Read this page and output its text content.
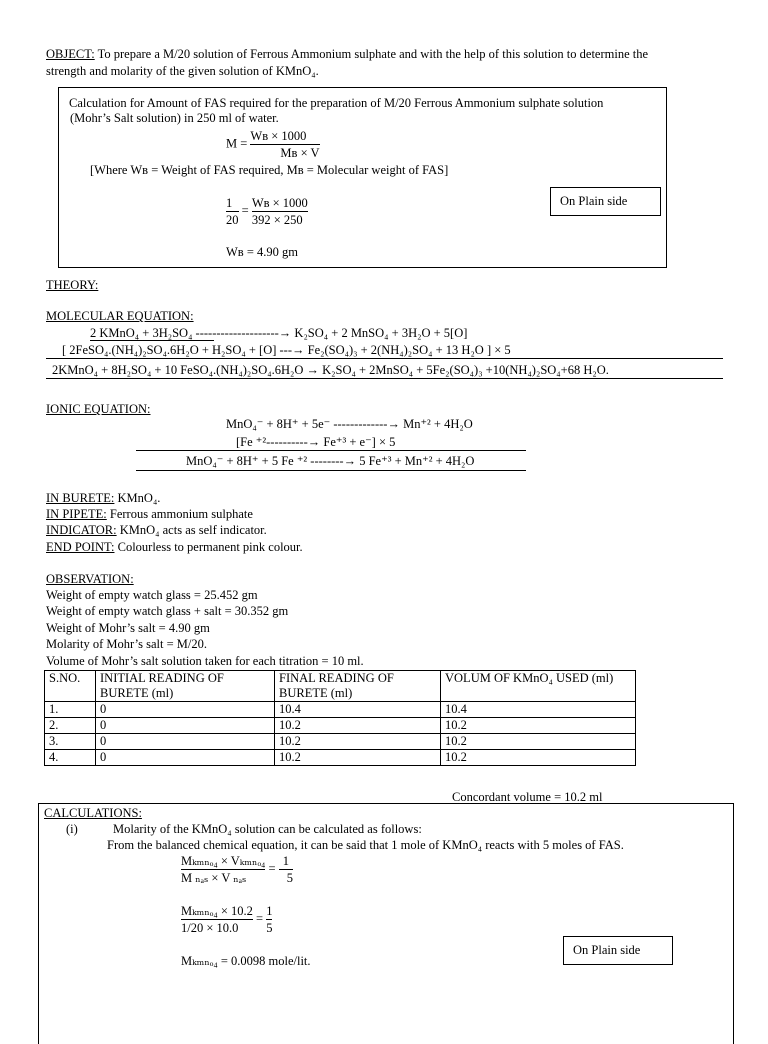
OBJECT: To prepare a M/20 solution of Ferrous Ammonium sulphate and with the help of this solution to determine the
strength and molarity of the given solution of KMnO₄.
Calculation for Amount of FAS required for the preparation of M/20 Ferrous Ammonium sulphate solution
(Mohr’s Salt solution) in 250 ml of water.
$M = \frac{\text{Wʙ × 1000}}{\text{Mʙ × V}}$
[Where Wʙ = Weight of FAS required, Mʙ = Molecular weight of FAS]
$\frac{1}{20} = \frac{\text{Wʙ × 1000}}{392 \times 250}$
Wʙ = 4.90 gm
On Plain side
THEORY:
MOLECULAR EQUATION:
2 KMnO₄ + 3H₂SO₄ --------------------→ K₂SO₄ + 2 MnSO₄ + 3H₂O + 5[O]
[ 2FeSO₄.(NH₄)₂SO₄.6H₂O + H₂SO₄ + [O] ---→ Fe₂(SO₄)₃ + 2(NH₄)₂SO₄ + 13 H₂O ] × 5
2KMnO₄ + 8H₂SO₄ + 10 FeSO₄.(NH₄)₂SO₄.6H₂O → K₂SO₄ + 2MnSO₄ + 5Fe₂(SO₄)₃ +10(NH₄)₂SO₄+68 H₂O.
IONIC EQUATION:
MnO₄⁻ + 8H⁺ + 5e⁻ -------------→ Mn⁺² + 4H₂O
[Fe ⁺²----------→ Fe⁺³ + e⁻] × 5
MnO₄⁻ + 8H⁺ + 5 Fe ⁺² --------→ 5 Fe⁺³ + Mn⁺² + 4H₂O
IN BURETE: KMnO₄.
IN PIPETE: Ferrous ammonium sulphate
INDICATOR: KMnO₄ acts as self indicator.
END POINT: Colourless to permanent pink colour.
OBSERVATION:
Weight of empty watch glass = 25.452 gm
Weight of empty watch glass + salt = 30.352 gm
Weight of Mohr’s salt = 4.90 gm
Molarity of Mohr’s salt = M/20.
Volume of Mohr’s salt solution taken for each titration = 10 ml.
S.NO.	INITIAL READING OF BURETE (ml)	FINAL READING OF BURETE (ml)	VOLUM OF KMnO₄ USED (ml)
1.	0	10.4	10.4
2.	0	10.2	10.2
3.	0	10.2	10.2
4.	0	10.2	10.2
Concordant volume = 10.2 ml
CALCULATIONS:
(i)	Molarity of the KMnO₄ solution can be calculated as follows:
From the balanced chemical equation, it can be said that 1 mole of KMnO₄ reacts with 5 moles of FAS.
$\frac{\text{Mₖₘₙₒ₄ × Vₖₘₙₒ₄}}{\text{M ₙₐₛ × V ₙₐₛ}} = \frac{1}{5}$
$\frac{\text{Mₖₘₙₒ₄ × 10.2}}{1/20 \times 10.0} = \frac{1}{5}$
Mₖₘₙₒ₄ = 0.0098 mole/lit.
On Plain side
